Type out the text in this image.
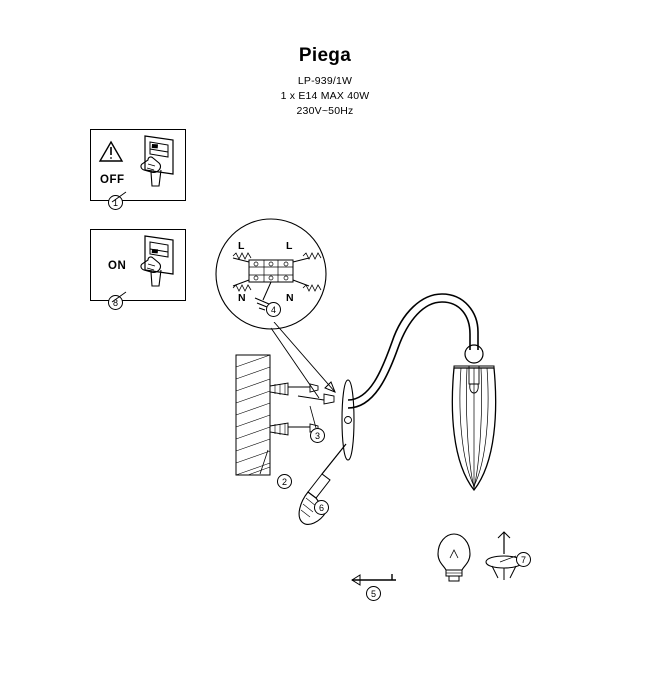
Piega
LP-939/1W
1 x E14 MAX 40W
230V~50Hz
OFF
1
ON
8
L	L
N	N
4
2
3
6
5
7
